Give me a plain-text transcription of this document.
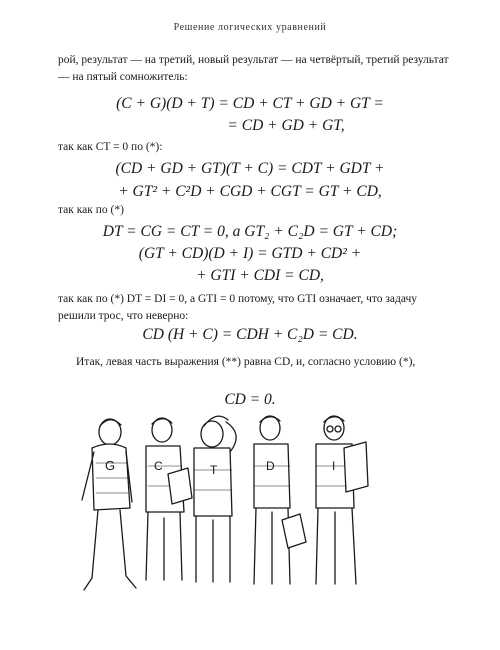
Решение логических уравнений
рой, результат — на третий, новый результат — на четвёртый, третий результат — на пятый сомножитель:
(C + G)(D + T) = CD + CT + GD + GT =
= CD + GD + GT,
так как CT = 0 по (*):
(CD + GD + GT)(T + C) = CDT + GDT +
+ GT² + C²D + CGD + CGT = GT + CD,
так как по (*)
DT = CG = CT = 0, а GT₂ + C₂D = GT + CD;
(GT + CD)(D + I) = GTD + CD² +
+ GTI + CDI = CD,
так как по (*) DT = DI = 0, а GTI = 0 потому, что GTI означает, что задачу решили трос, что неверно:
CD (H + C) = CDH + C₂D = CD.
Итак, левая часть выражения (**) равна CD, и, согласно условию (*),
CD = 0.
G	C	T	D	I
